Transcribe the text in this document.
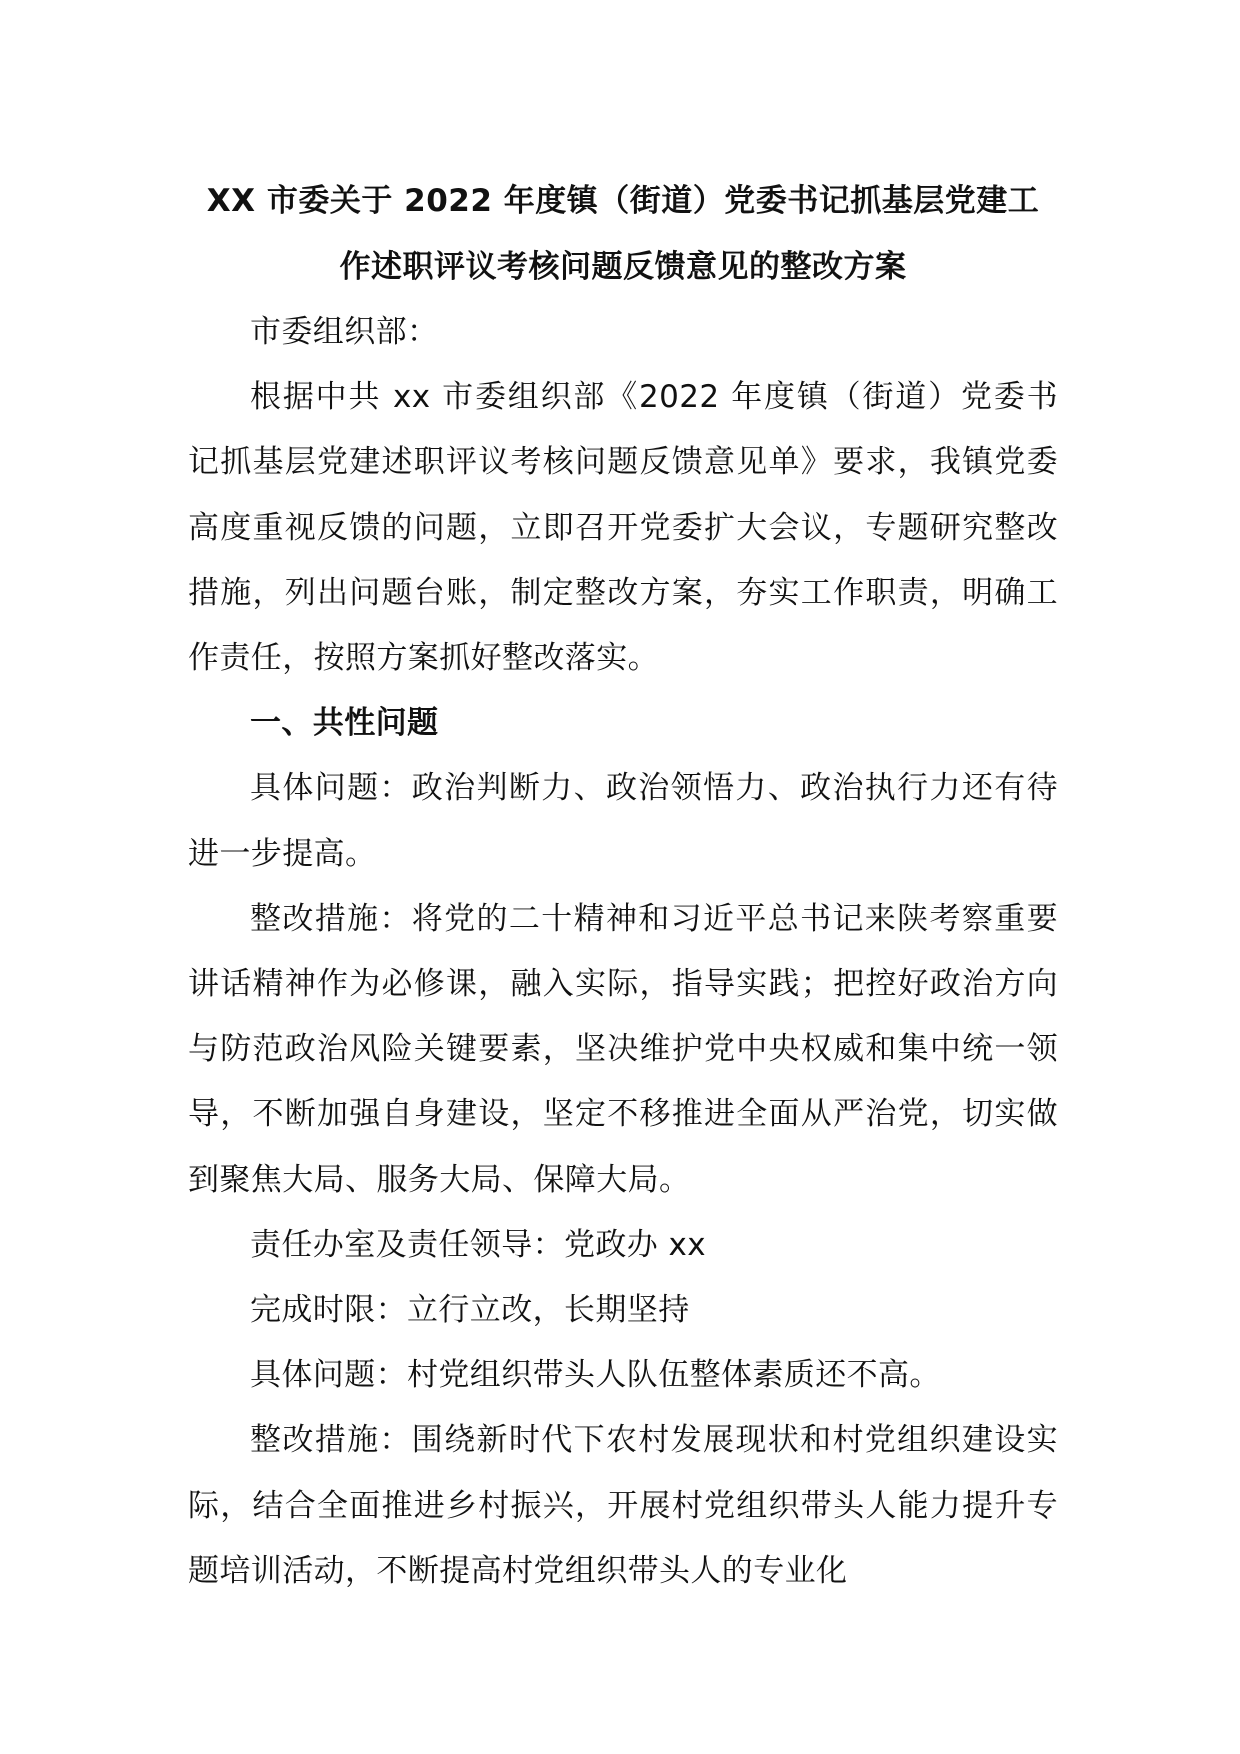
XX 市委关于 2022 年度镇（街道）党委书记抓基层党建工

作述职评议考核问题反馈意见的整改方案

市委组织部：

根据中共 xx 市委组织部《2022 年度镇（街道）党委书记抓基层党建述职评议考核问题反馈意见单》要求，我镇党委高度重视反馈的问题，立即召开党委扩大会议，专题研究整改措施，列出问题台账，制定整改方案，夯实工作职责，明确工作责任，按照方案抓好整改落实。

一、共性问题

具体问题：政治判断力、政治领悟力、政治执行力还有待进一步提高。

整改措施：将党的二十精神和习近平总书记来陕考察重要讲话精神作为必修课，融入实际，指导实践；把控好政治方向与防范政治风险关键要素，坚决维护党中央权威和集中统一领导，不断加强自身建设，坚定不移推进全面从严治党，切实做到聚焦大局、服务大局、保障大局。

责任办室及责任领导：党政办 xx

完成时限：立行立改，长期坚持

具体问题：村党组织带头人队伍整体素质还不高。

整改措施：围绕新时代下农村发展现状和村党组织建设实际，结合全面推进乡村振兴，开展村党组织带头人能力提升专题培训活动，不断提高村党组织带头人的专业化
